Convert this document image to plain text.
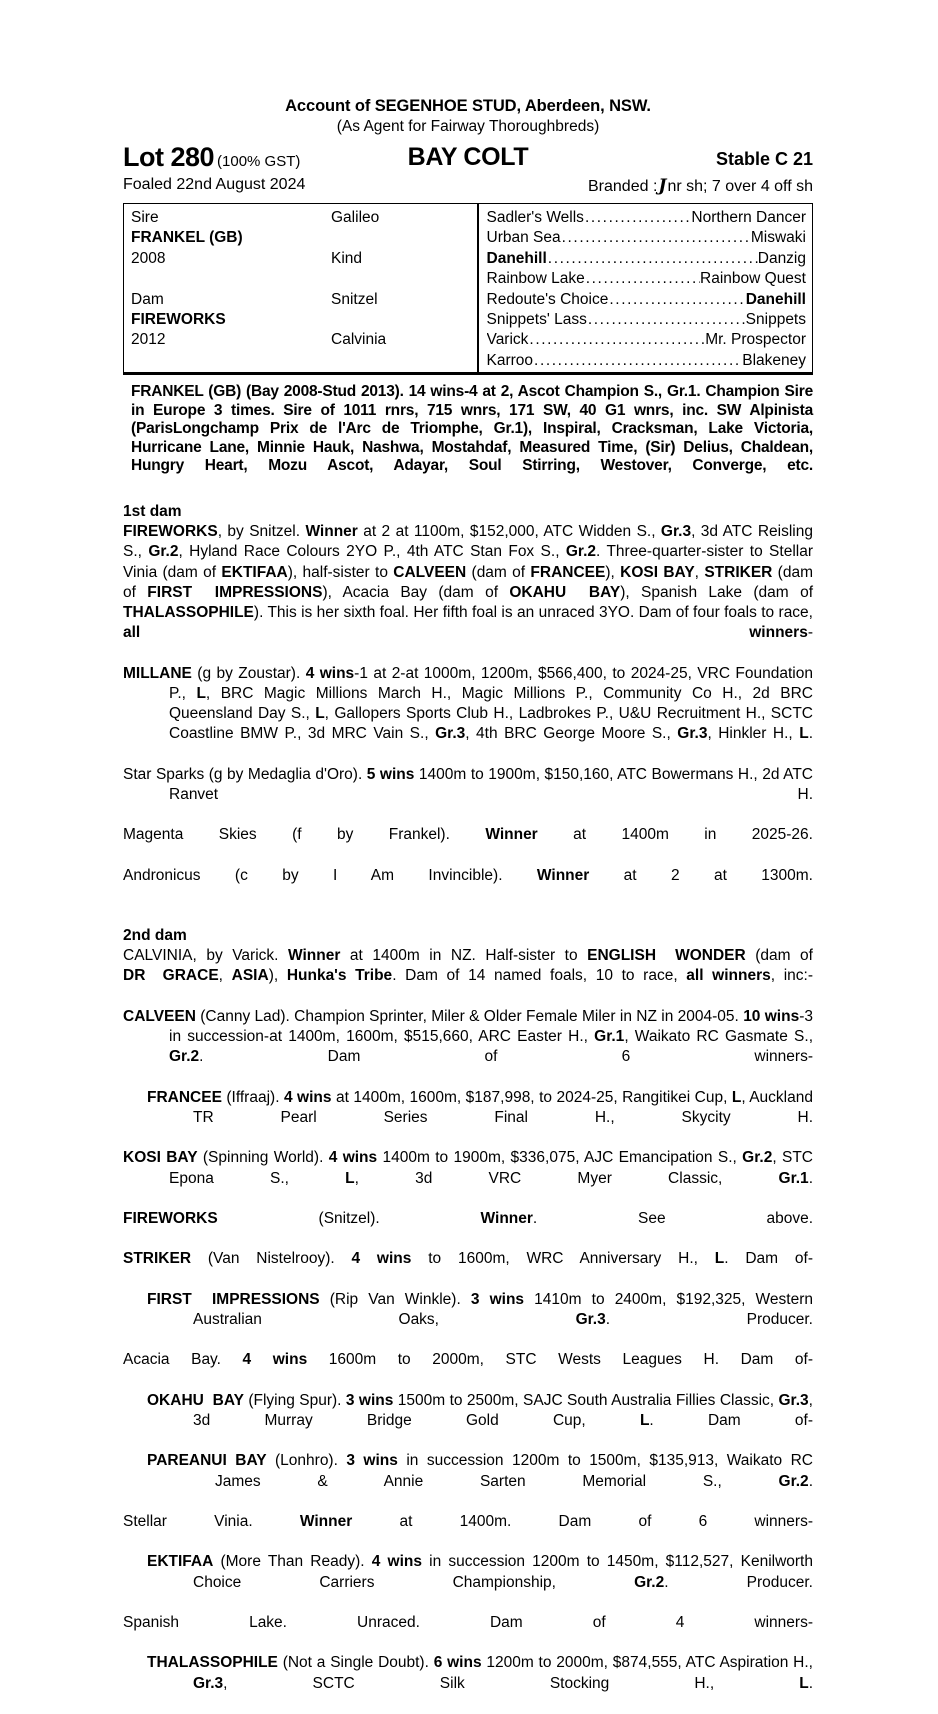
Account of SEGENHOE STUD, Aberdeen, NSW.
(As Agent for Fairway Thoroughbreds)
Lot 280 (100% GST)	BAY COLT	Stable C 21
Foaled 22nd August 2024	Branded :Jnr sh; 7 over 4 off sh
Sire	Galileo
FRANKEL (GB)
2008	Kind
Dam	Snitzel
FIREWORKS
2012	Calvinia
Sadler's Wells .....	Northern Dancer
Urban Sea .....	Miswaki
Danehill .....	Danzig
Rainbow Lake .....	Rainbow Quest
Redoute's Choice .....	Danehill
Snippets' Lass .....	Snippets
Varick .....	Mr. Prospector
Karroo .....	Blakeney
FRANKEL (GB) (Bay 2008-Stud 2013). 14 wins-4 at 2, Ascot Champion S., Gr.1. Champion Sire in Europe 3 times. Sire of 1011 rnrs, 715 wnrs, 171 SW, 40 G1 wnrs, inc. SW Alpinista (ParisLongchamp Prix de l'Arc de Triomphe, Gr.1), Inspiral, Cracksman, Lake Victoria, Hurricane Lane, Minnie Hauk, Nashwa, Mostahdaf, Measured Time, (Sir) Delius, Chaldean, Hungry Heart, Mozu Ascot, Adayar, Soul Stirring, Westover, Converge, etc.
1st dam

FIREWORKS, by Snitzel. Winner at 2 at 1100m, $152,000, ATC Widden S., Gr.3, 3d ATC Reisling S., Gr.2, Hyland Race Colours 2YO P., 4th ATC Stan Fox S., Gr.2. Three-quarter-sister to Stellar Vinia (dam of EKTIFAA), half-sister to CALVEEN (dam of FRANCEE), KOSI BAY, STRIKER (dam of FIRST  IMPRESSIONS), Acacia Bay (dam of OKAHU  BAY), Spanish Lake (dam of THALASSOPHILE). This is her sixth foal. Her fifth foal is an unraced 3YO. Dam of four foals to race, all winners-

MILLANE (g by Zoustar). 4 wins-1 at 2-at 1000m, 1200m, $566,400, to 2024-25, VRC Foundation P., L, BRC Magic Millions March H., Magic Millions P., Community Co H., 2d BRC Queensland Day S., L, Gallopers Sports Club H., Ladbrokes P., U&U Recruitment H., SCTC Coastline BMW P., 3d MRC Vain S., Gr.3, 4th BRC George Moore S., Gr.3, Hinkler H., L.

Star Sparks (g by Medaglia d'Oro). 5 wins 1400m to 1900m, $150,160, ATC Bowermans H., 2d ATC Ranvet H.

Magenta Skies (f by Frankel). Winner at 1400m in 2025-26.

Andronicus (c by I Am Invincible). Winner at 2 at 1300m.

2nd dam

CALVINIA, by Varick. Winner at 1400m in NZ. Half-sister to ENGLISH  WONDER (dam of DR  GRACE, ASIA), Hunka's Tribe. Dam of 14 named foals, 10 to race, all winners, inc:-

CALVEEN (Canny Lad). Champion Sprinter, Miler & Older Female Miler in NZ in 2004-05. 10 wins-3 in succession-at 1400m, 1600m, $515,660, ARC Easter H., Gr.1, Waikato RC Gasmate S., Gr.2. Dam of 6 winners-

FRANCEE (Iffraaj). 4 wins at 1400m, 1600m, $187,998, to 2024-25, Rangitikei Cup, L, Auckland TR Pearl Series Final H., Skycity H.

KOSI BAY (Spinning World). 4 wins 1400m to 1900m, $336,075, AJC Emancipation S., Gr.2, STC Epona S., L, 3d VRC Myer Classic, Gr.1.

FIREWORKS (Snitzel). Winner. See above.

STRIKER (Van Nistelrooy). 4 wins to 1600m, WRC Anniversary H., L. Dam of-

FIRST  IMPRESSIONS (Rip Van Winkle). 3 wins 1410m to 2400m, $192,325, Western Australian Oaks, Gr.3. Producer.

Acacia Bay. 4 wins 1600m to 2000m, STC Wests Leagues H. Dam of-

OKAHU  BAY (Flying Spur). 3 wins 1500m to 2500m, SAJC South Australia Fillies Classic, Gr.3, 3d Murray Bridge Gold Cup, L. Dam of-

PAREANUI BAY (Lonhro). 3 wins in succession 1200m to 1500m, $135,913, Waikato RC James & Annie Sarten Memorial S., Gr.2.

Stellar Vinia. Winner at 1400m. Dam of 6 winners-

EKTIFAA (More Than Ready). 4 wins in succession 1200m to 1450m, $112,527, Kenilworth Choice Carriers Championship, Gr.2. Producer.

Spanish Lake. Unraced. Dam of 4 winners-

THALASSOPHILE (Not a Single Doubt). 6 wins 1200m to 2000m, $874,555, ATC Aspiration H., Gr.3, SCTC Silk Stocking H., L.
